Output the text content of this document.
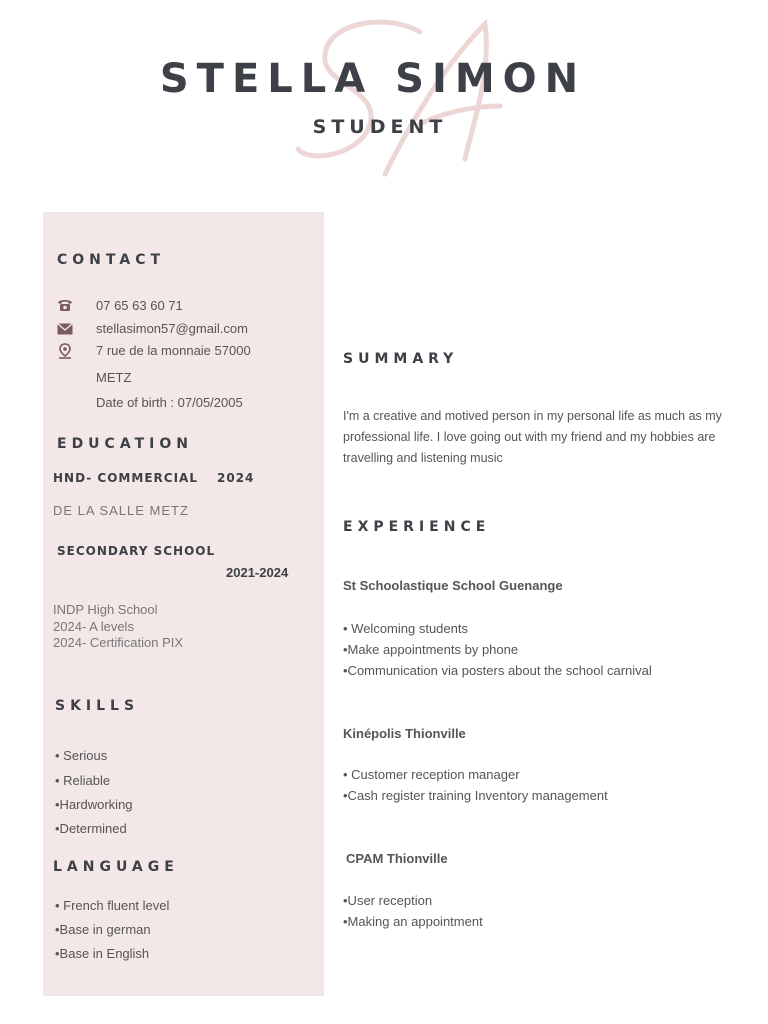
STELLA SIMON
STUDENT
CONTACT
07 65 63 60 71
stellasimon57@gmail.com
7 rue de la monnaie 57000
METZ
Date of birth : 07/05/2005
EDUCATION
HND- COMMERCIAL 2024
DE LA SALLE METZ
SECONDARY SCHOOL
2021-2024
INDP High School
2024- A levels
2024- Certification PIX
SKILLS
• Serious
• Reliable
•Hardworking
•Determined
LANGUAGE
• French fluent level
•Base in german
•Base in English
SUMMARY
I'm a creative and motived person in my personal life as much as my professional life. I love going out with my friend and my hobbies are travelling and listening music
EXPERIENCE
St Schoolastique School Guenange
• Welcoming students
•Make appointments by phone
•Communication via posters about the school carnival
Kinépolis Thionville
• Customer reception manager
•Cash register training Inventory management
CPAM Thionville
•User reception
•Making an appointment
